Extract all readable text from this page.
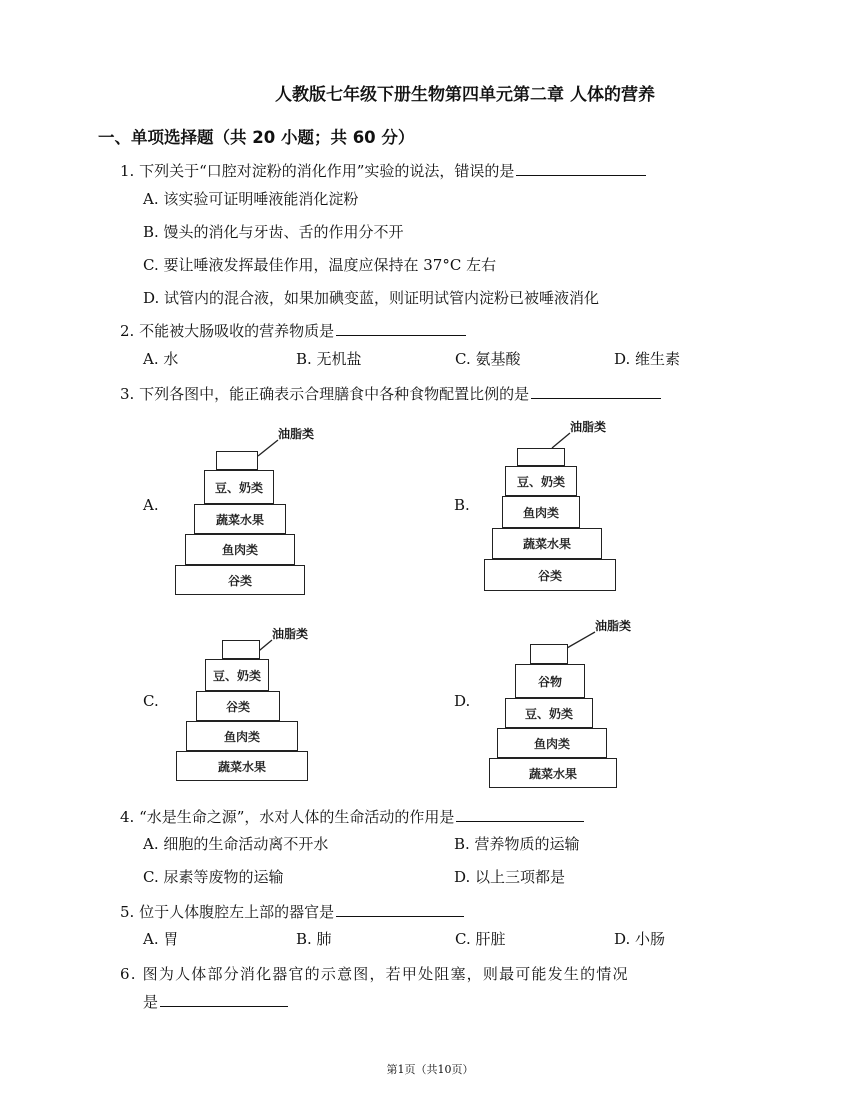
人教版七年级下册生物第四单元第二章 人体的营养
一、单项选择题（共 20 小题；共 60 分）
1. 下列关于“口腔对淀粉的消化作用”实验的说法，错误的是
A. 该实验可证明唾液能消化淀粉
B. 馒头的消化与牙齿、舌的作用分不开
C. 要让唾液发挥最佳作用，温度应保持在 37°C 左右
D. 试管内的混合液，如果加碘变蓝，则证明试管内淀粉已被唾液消化
2. 不能被大肠吸收的营养物质是
A. 水	B. 无机盐	C. 氨基酸	D. 维生素
3. 下列各图中，能正确表示合理膳食中各种食物配置比例的是
A.
油脂类
豆、奶类
蔬菜水果
鱼肉类
谷类
B.
油脂类
豆、奶类
鱼肉类
蔬菜水果
谷类
C.
油脂类
豆、奶类
谷类
鱼肉类
蔬菜水果
D.
油脂类
谷物
豆、奶类
鱼肉类
蔬菜水果
4. “水是生命之源”，水对人体的生命活动的作用是
A. 细胞的生命活动离不开水	B. 营养物质的运输
C. 尿素等废物的运输	D. 以上三项都是
5. 位于人体腹腔左上部的器官是
A. 胃	B. 肺	C. 肝脏	D. 小肠
6. 图为人体部分消化器官的示意图，若甲处阻塞，则最可能发生的情况
是
第1页（共10页）
